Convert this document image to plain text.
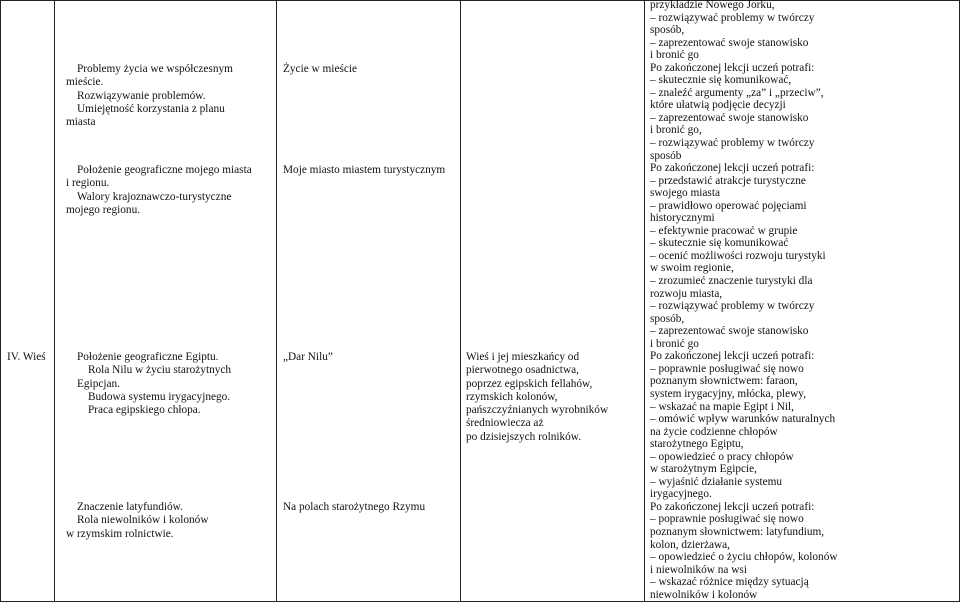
IV. Wieś
Problemy życia we współczesnym
mieście.
Rozwiązywanie problemów.
Umiejętność korzystania z planu
miasta
Położenie geograficzne mojego miasta
i regionu.
Walory krajoznawczo-turystyczne
mojego regionu.
Położenie geograficzne Egiptu.
Rola Nilu w życiu starożytnych
Egipcjan.
Budowa systemu irygacyjnego.
Praca egipskiego chłopa.
Znaczenie latyfundiów.
Rola niewolników i kolonów
w rzymskim rolnictwie.
Życie w mieście
Moje miasto miastem turystycznym
„Dar Nilu”
Na polach starożytnego Rzymu
Wieś i jej mieszkańcy od
pierwotnego osadnictwa,
poprzez egipskich fellahów,
rzymskich kolonów,
pańszczyźnianych wyrobników
średniowiecza aż
po dzisiejszych rolników.
przykładzie Nowego Jorku,
– rozwiązywać problemy w twórczy
sposób,
– zaprezentować swoje stanowisko
i bronić go
Po zakończonej lekcji uczeń potrafi:
– skutecznie się komunikować,
– znaleźć argumenty „za” i „przeciw”,
które ułatwią podjęcie decyzji
– zaprezentować swoje stanowisko
i bronić go,
– rozwiązywać problemy w twórczy
sposób
Po zakończonej lekcji uczeń potrafi:
– przedstawić atrakcje turystyczne
swojego miasta
– prawidłowo operować pojęciami
historycznymi
– efektywnie pracować w grupie
– skutecznie się komunikować
– ocenić możliwości rozwoju turystyki
w swoim regionie,
– zrozumieć znaczenie turystyki dla
rozwoju miasta,
– rozwiązywać problemy w twórczy
sposób,
– zaprezentować swoje stanowisko
i bronić go
Po zakończonej lekcji uczeń potrafi:
– poprawnie posługiwać się nowo
poznanym słownictwem: faraon,
system irygacyjny, młócka, plewy,
– wskazać na mapie Egipt i Nil,
– omówić wpływ warunków naturalnych
na życie codzienne chłopów
starożytnego Egiptu,
– opowiedzieć o pracy chłopów
w starożytnym Egipcie,
– wyjaśnić działanie systemu
irygacyjnego.
Po zakończonej lekcji uczeń potrafi:
– poprawnie posługiwać się nowo
poznanym słownictwem: latyfundium,
kolon, dzierżawa,
– opowiedzieć o życiu chłopów, kolonów
i niewolników na wsi
– wskazać różnice między sytuacją
niewolników i kolonów
